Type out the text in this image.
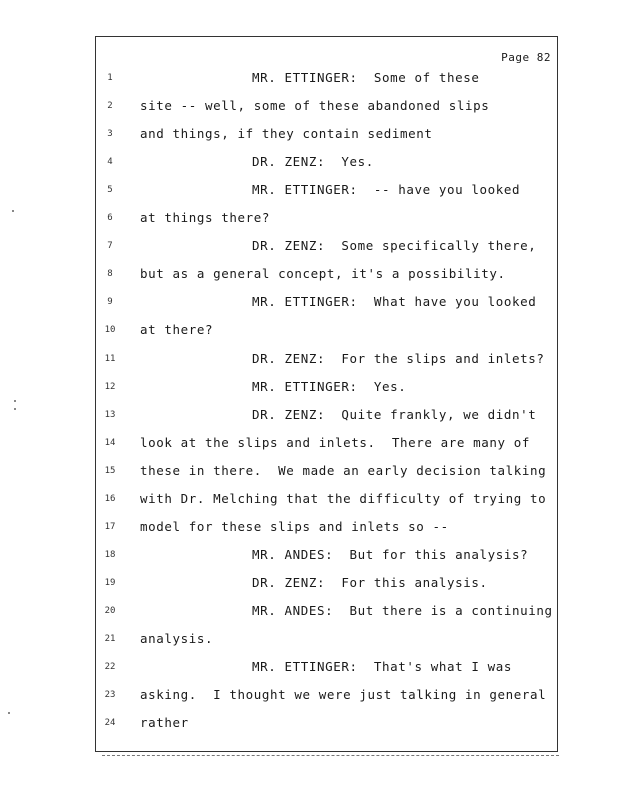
Page 82
1	MR. ETTINGER:  Some of these
2	site -- well, some of these abandoned slips
3	and things, if they contain sediment
4	DR. ZENZ:  Yes.
5	MR. ETTINGER:  -- have you looked
6	at things there?
7	DR. ZENZ:  Some specifically there,
8	but as a general concept, it's a possibility.
9	MR. ETTINGER:  What have you looked
10	at there?
11	DR. ZENZ:  For the slips and inlets?
12	MR. ETTINGER:  Yes.
13	DR. ZENZ:  Quite frankly, we didn't
14	look at the slips and inlets.  There are many of
15	these in there.  We made an early decision talking
16	with Dr. Melching that the difficulty of trying to
17	model for these slips and inlets so --
18	MR. ANDES:  But for this analysis?
19	DR. ZENZ:  For this analysis.
20	MR. ANDES:  But there is a continuing
21	analysis.
22	MR. ETTINGER:  That's what I was
23	asking.  I thought we were just talking in general
24	rather
